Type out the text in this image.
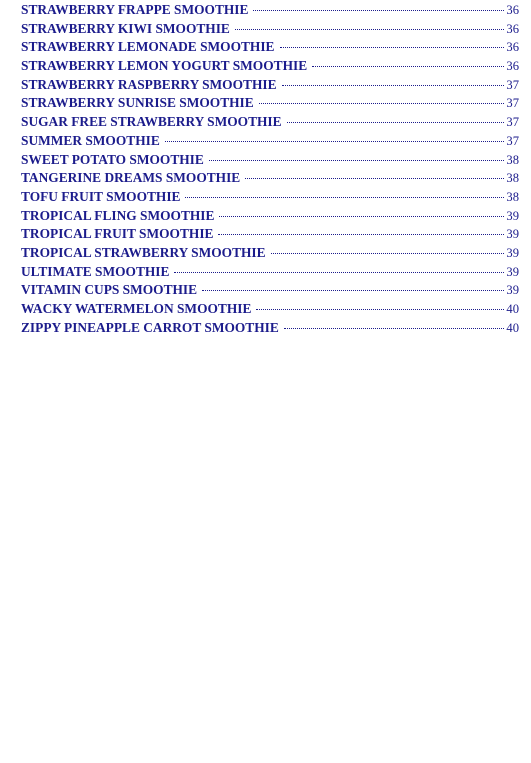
STRAWBERRY FRAPPE SMOOTHIE	36
STRAWBERRY KIWI SMOOTHIE	36
STRAWBERRY LEMONADE SMOOTHIE	36
STRAWBERRY LEMON YOGURT SMOOTHIE	36
STRAWBERRY RASPBERRY SMOOTHIE	37
STRAWBERRY SUNRISE SMOOTHIE	37
SUGAR FREE STRAWBERRY SMOOTHIE	37
SUMMER SMOOTHIE	37
SWEET POTATO SMOOTHIE	38
TANGERINE DREAMS SMOOTHIE	38
TOFU FRUIT SMOOTHIE	38
TROPICAL FLING SMOOTHIE	39
TROPICAL FRUIT SMOOTHIE	39
TROPICAL STRAWBERRY SMOOTHIE	39
ULTIMATE SMOOTHIE	39
VITAMIN CUPS SMOOTHIE	39
WACKY WATERMELON SMOOTHIE	40
ZIPPY PINEAPPLE CARROT SMOOTHIE	40
